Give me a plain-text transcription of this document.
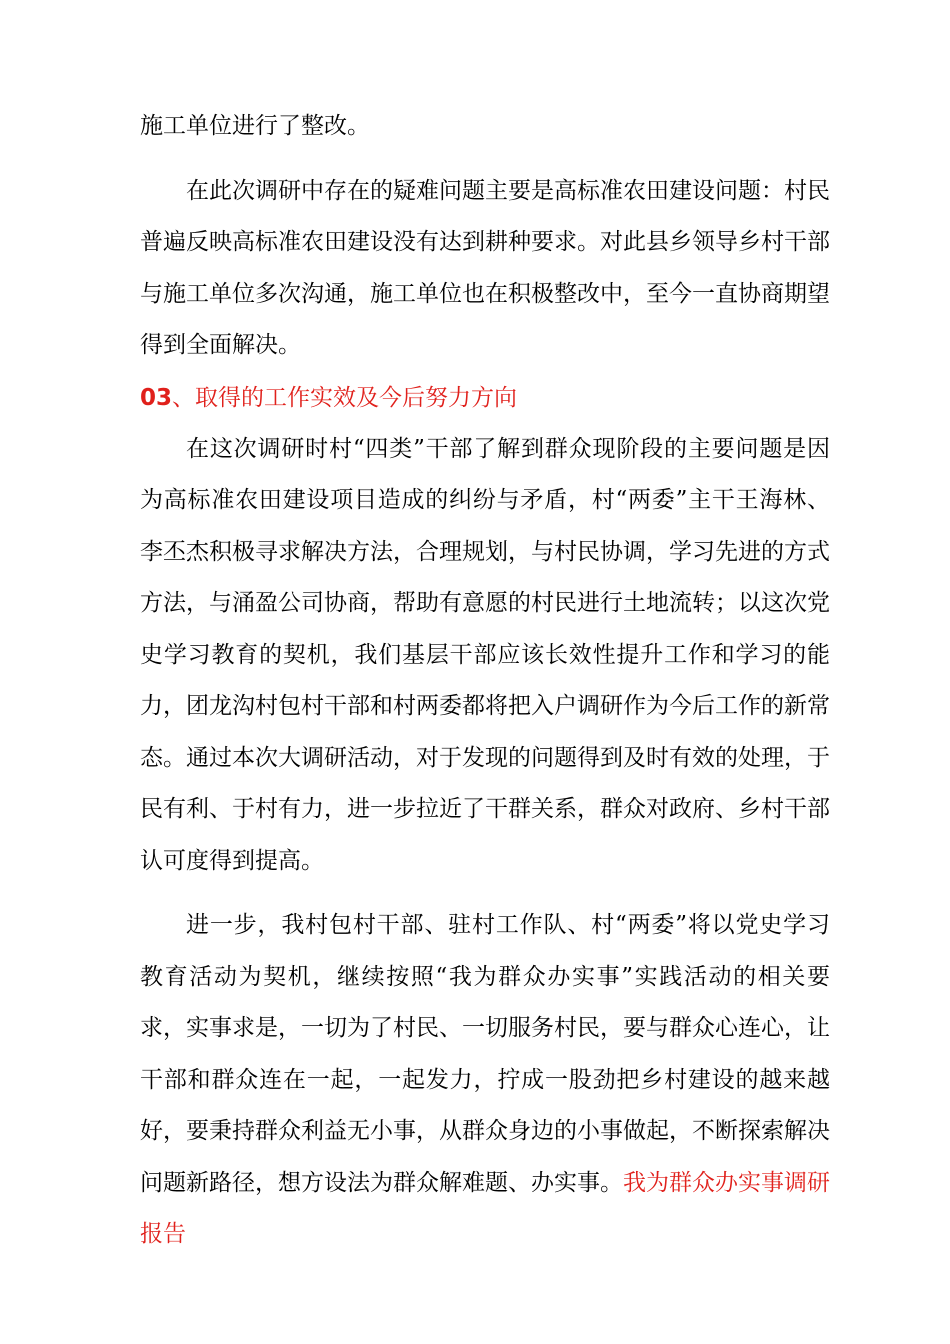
施工单位进行了整改。

在此次调研中存在的疑难问题主要是高标准农田建设问题：村民普遍反映高标准农田建设没有达到耕种要求。对此县乡领导乡村干部与施工单位多次沟通，施工单位也在积极整改中，至今一直协商期望得到全面解决。

03、取得的工作实效及今后努力方向

在这次调研时村“四类”干部了解到群众现阶段的主要问题是因为高标准农田建设项目造成的纠纷与矛盾，村“两委”主干王海林、李丕杰积极寻求解决方法，合理规划，与村民协调，学习先进的方式方法，与涌盈公司协商，帮助有意愿的村民进行土地流转；以这次党史学习教育的契机，我们基层干部应该长效性提升工作和学习的能力，团龙沟村包村干部和村两委都将把入户调研作为今后工作的新常态。通过本次大调研活动，对于发现的问题得到及时有效的处理，于民有利、于村有力，进一步拉近了干群关系，群众对政府、乡村干部认可度得到提高。

进一步，我村包村干部、驻村工作队、村“两委”将以党史学习教育活动为契机，继续按照“我为群众办实事”实践活动的相关要求，实事求是，一切为了村民、一切服务村民，要与群众心连心，让干部和群众连在一起，一起发力，拧成一股劲把乡村建设的越来越好，要秉持群众利益无小事，从群众身边的小事做起，不断探索解决问题新路径，想方设法为群众解难题、办实事。我为群众办实事调研报告
